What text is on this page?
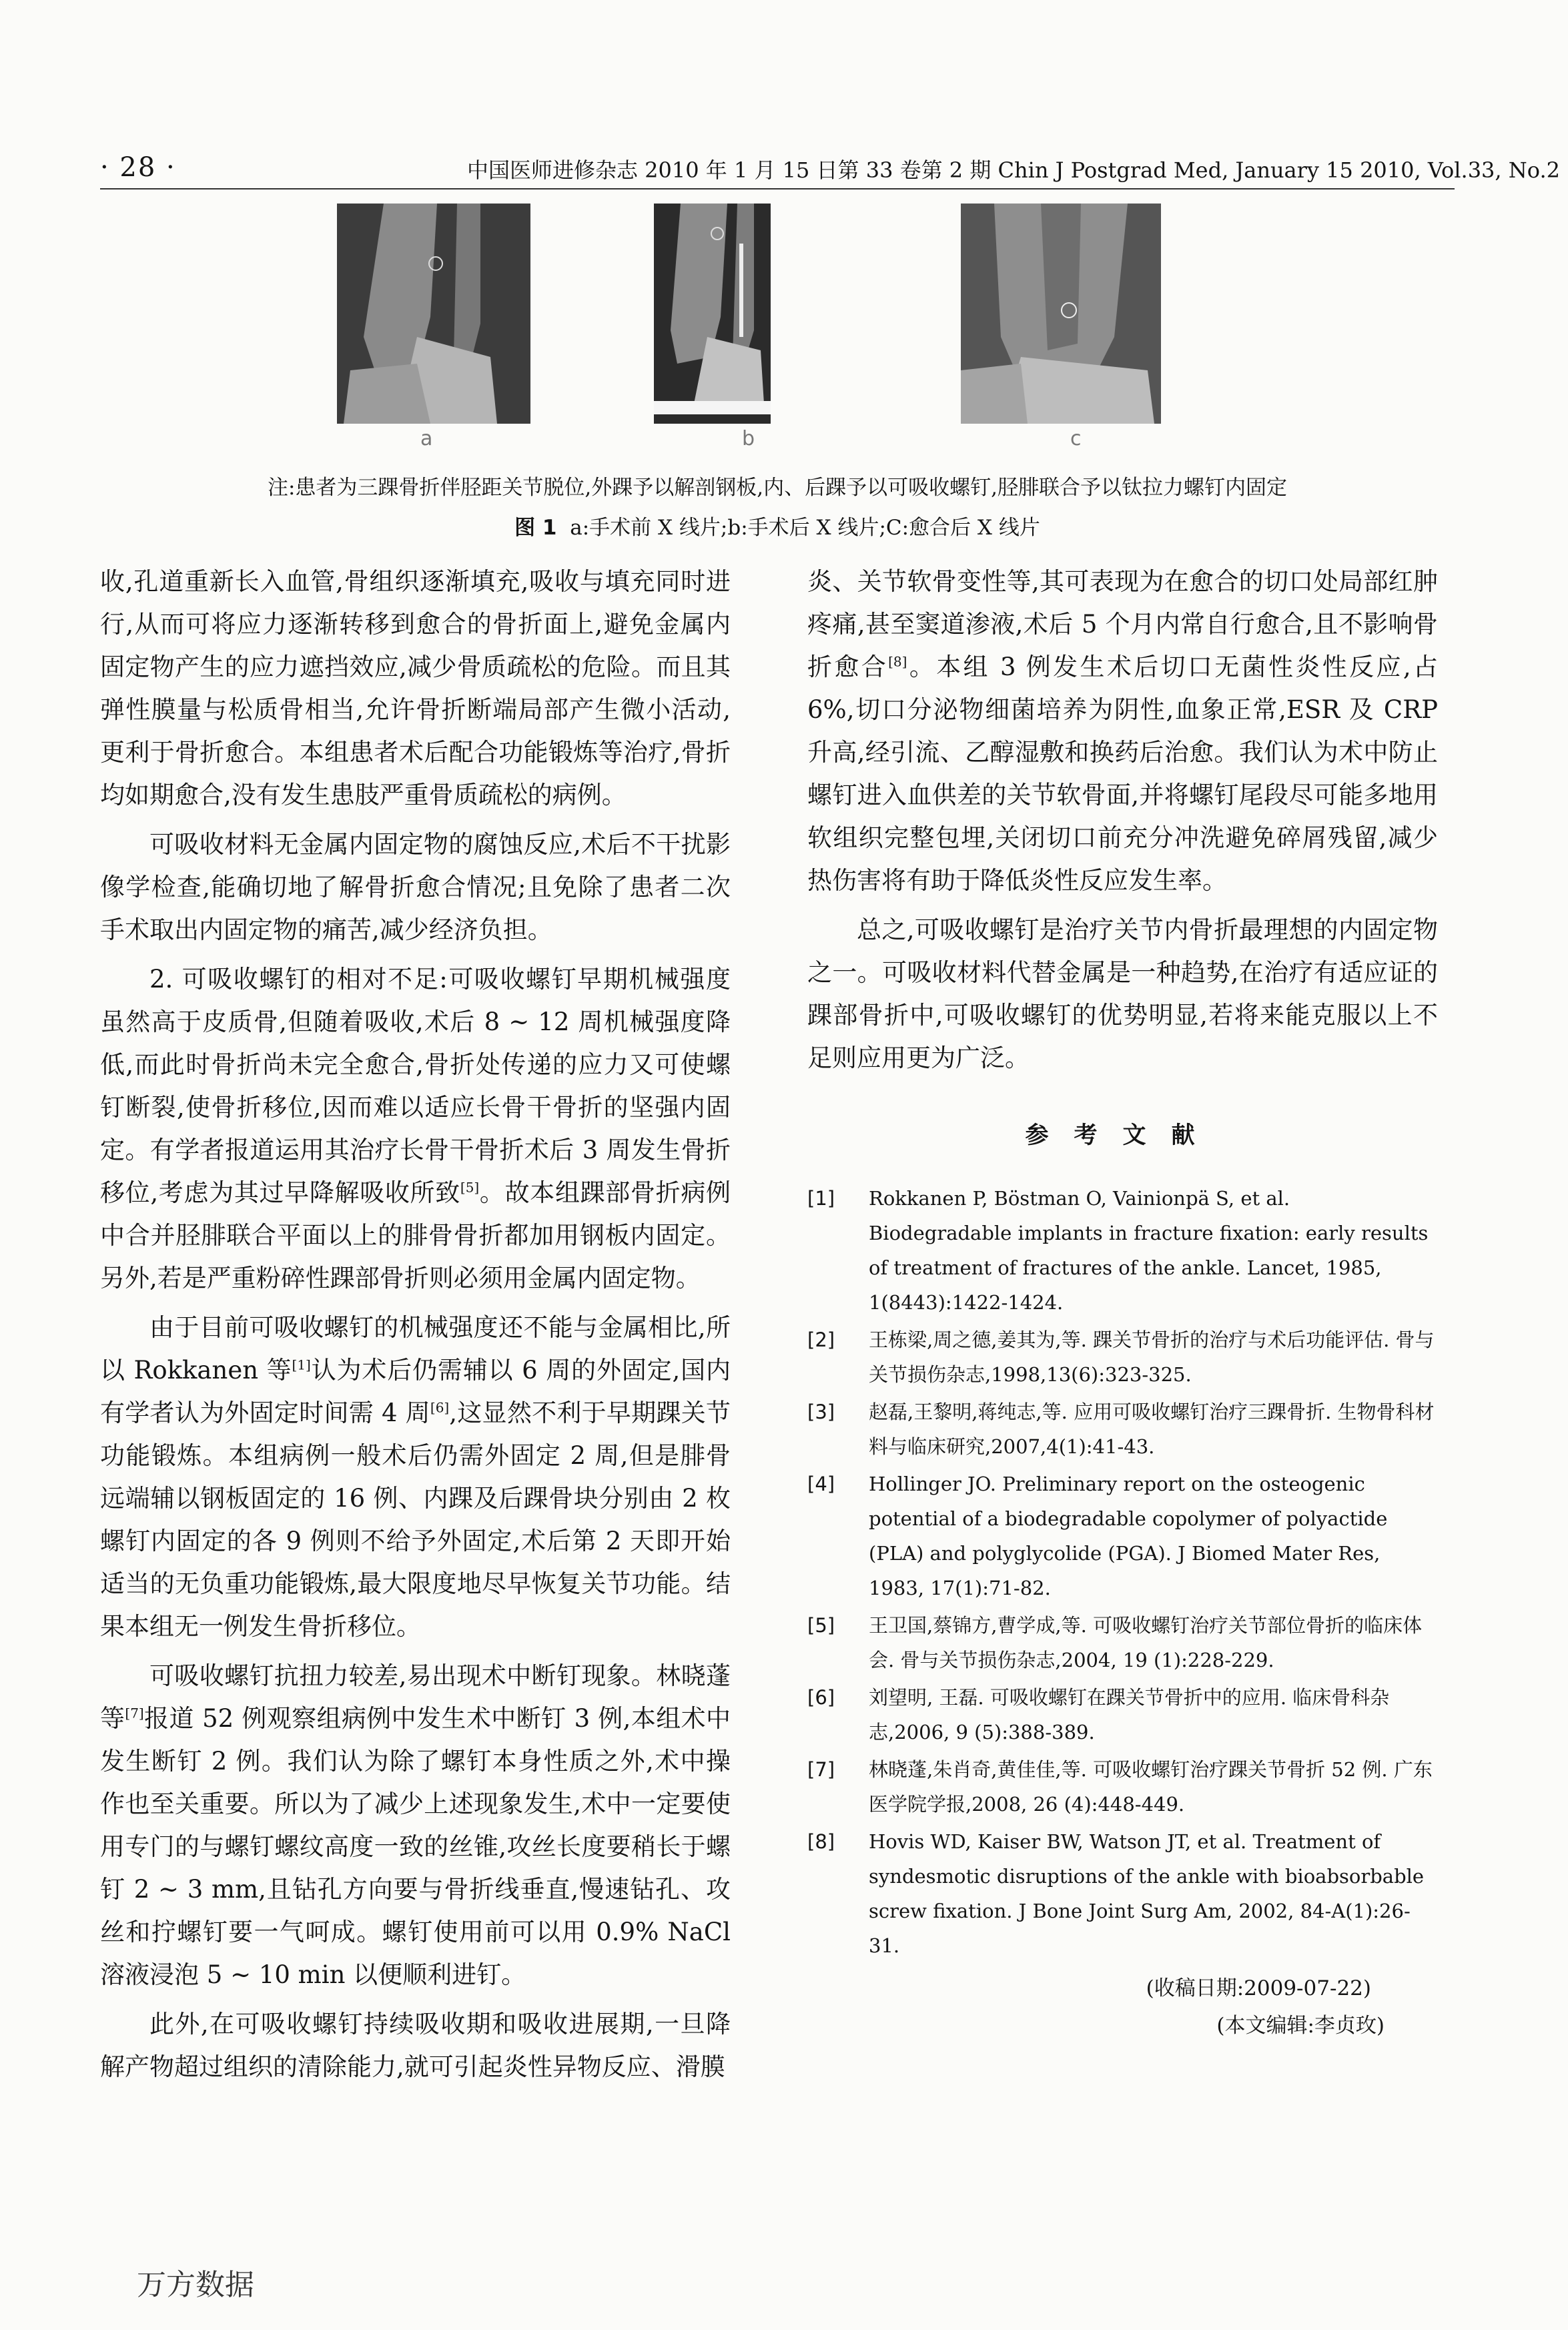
· 28 ·	中国医师进修杂志 2010 年 1 月 15 日第 33 卷第 2 期 Chin J Postgrad Med, January 15 2010, Vol.33, No.2
a	b	c
注:患者为三踝骨折伴胫距关节脱位,外踝予以解剖钢板,内、后踝予以可吸收螺钉,胫腓联合予以钛拉力螺钉内固定
图 1 a:手术前 X 线片;b:手术后 X 线片;C:愈合后 X 线片

收,孔道重新长入血管,骨组织逐渐填充,吸收与填充同时进行,从而可将应力逐渐转移到愈合的骨折面上,避免金属内固定物产生的应力遮挡效应,减少骨质疏松的危险。而且其弹性膜量与松质骨相当,允许骨折断端局部产生微小活动,更利于骨折愈合。本组患者术后配合功能锻炼等治疗,骨折均如期愈合,没有发生患肢严重骨质疏松的病例。

可吸收材料无金属内固定物的腐蚀反应,术后不干扰影像学检查,能确切地了解骨折愈合情况;且免除了患者二次手术取出内固定物的痛苦,减少经济负担。

2. 可吸收螺钉的相对不足:可吸收螺钉早期机械强度虽然高于皮质骨,但随着吸收,术后 8 ~ 12 周机械强度降低,而此时骨折尚未完全愈合,骨折处传递的应力又可使螺钉断裂,使骨折移位,因而难以适应长骨干骨折的坚强内固定。有学者报道运用其治疗长骨干骨折术后 3 周发生骨折移位,考虑为其过早降解吸收所致[5]。故本组踝部骨折病例中合并胫腓联合平面以上的腓骨骨折都加用钢板内固定。另外,若是严重粉碎性踝部骨折则必须用金属内固定物。

由于目前可吸收螺钉的机械强度还不能与金属相比,所以 Rokkanen 等[1]认为术后仍需辅以 6 周的外固定,国内有学者认为外固定时间需 4 周[6],这显然不利于早期踝关节功能锻炼。本组病例一般术后仍需外固定 2 周,但是腓骨远端辅以钢板固定的 16 例、内踝及后踝骨块分别由 2 枚螺钉内固定的各 9 例则不给予外固定,术后第 2 天即开始适当的无负重功能锻炼,最大限度地尽早恢复关节功能。结果本组无一例发生骨折移位。

可吸收螺钉抗扭力较差,易出现术中断钉现象。林晓蓬等[7]报道 52 例观察组病例中发生术中断钉 3 例,本组术中发生断钉 2 例。我们认为除了螺钉本身性质之外,术中操作也至关重要。所以为了减少上述现象发生,术中一定要使用专门的与螺钉螺纹高度一致的丝锥,攻丝长度要稍长于螺钉 2 ~ 3 mm,且钻孔方向要与骨折线垂直,慢速钻孔、攻丝和拧螺钉要一气呵成。螺钉使用前可以用 0.9% NaCl 溶液浸泡 5 ~ 10 min 以便顺利进钉。

此外,在可吸收螺钉持续吸收期和吸收进展期,一旦降解产物超过组织的清除能力,就可引起炎性异物反应、滑膜

炎、关节软骨变性等,其可表现为在愈合的切口处局部红肿疼痛,甚至窦道渗液,术后 5 个月内常自行愈合,且不影响骨折愈合[8]。本组 3 例发生术后切口无菌性炎性反应,占 6%,切口分泌物细菌培养为阴性,血象正常,ESR 及 CRP 升高,经引流、乙醇湿敷和换药后治愈。我们认为术中防止螺钉进入血供差的关节软骨面,并将螺钉尾段尽可能多地用软组织完整包埋,关闭切口前充分冲洗避免碎屑残留,减少热伤害将有助于降低炎性反应发生率。

总之,可吸收螺钉是治疗关节内骨折最理想的内固定物之一。可吸收材料代替金属是一种趋势,在治疗有适应证的踝部骨折中,可吸收螺钉的优势明显,若将来能克服以上不足则应用更为广泛。

参考文献

[1]	Rokkanen P, Böstman O, Vainionpä S, et al. Biodegradable implants in fracture fixation: early results of treatment of fractures of the ankle. Lancet, 1985, 1(8443):1422-1424.

[2]	王栋梁,周之德,姜其为,等. 踝关节骨折的治疗与术后功能评估. 骨与关节损伤杂志,1998,13(6):323-325.

[3]	赵磊,王黎明,蒋纯志,等. 应用可吸收螺钉治疗三踝骨折. 生物骨科材料与临床研究,2007,4(1):41-43.

[4]	Hollinger JO. Preliminary report on the osteogenic potential of a biodegradable copolymer of polyactide (PLA) and polyglycolide (PGA). J Biomed Mater Res, 1983, 17(1):71-82.

[5]	王卫国,蔡锦方,曹学成,等. 可吸收螺钉治疗关节部位骨折的临床体会. 骨与关节损伤杂志,2004, 19 (1):228-229.

[6]	刘望明, 王磊. 可吸收螺钉在踝关节骨折中的应用. 临床骨科杂志,2006, 9 (5):388-389.

[7]	林晓蓬,朱肖奇,黄佳佳,等. 可吸收螺钉治疗踝关节骨折 52 例. 广东医学院学报,2008, 26 (4):448-449.

[8]	Hovis WD, Kaiser BW, Watson JT, et al. Treatment of syndesmotic disruptions of the ankle with bioabsorbable screw fixation. J Bone Joint Surg Am, 2002, 84-A(1):26-31.

(收稿日期:2009-07-22)

(本文编辑:李贞玫)

万方数据
